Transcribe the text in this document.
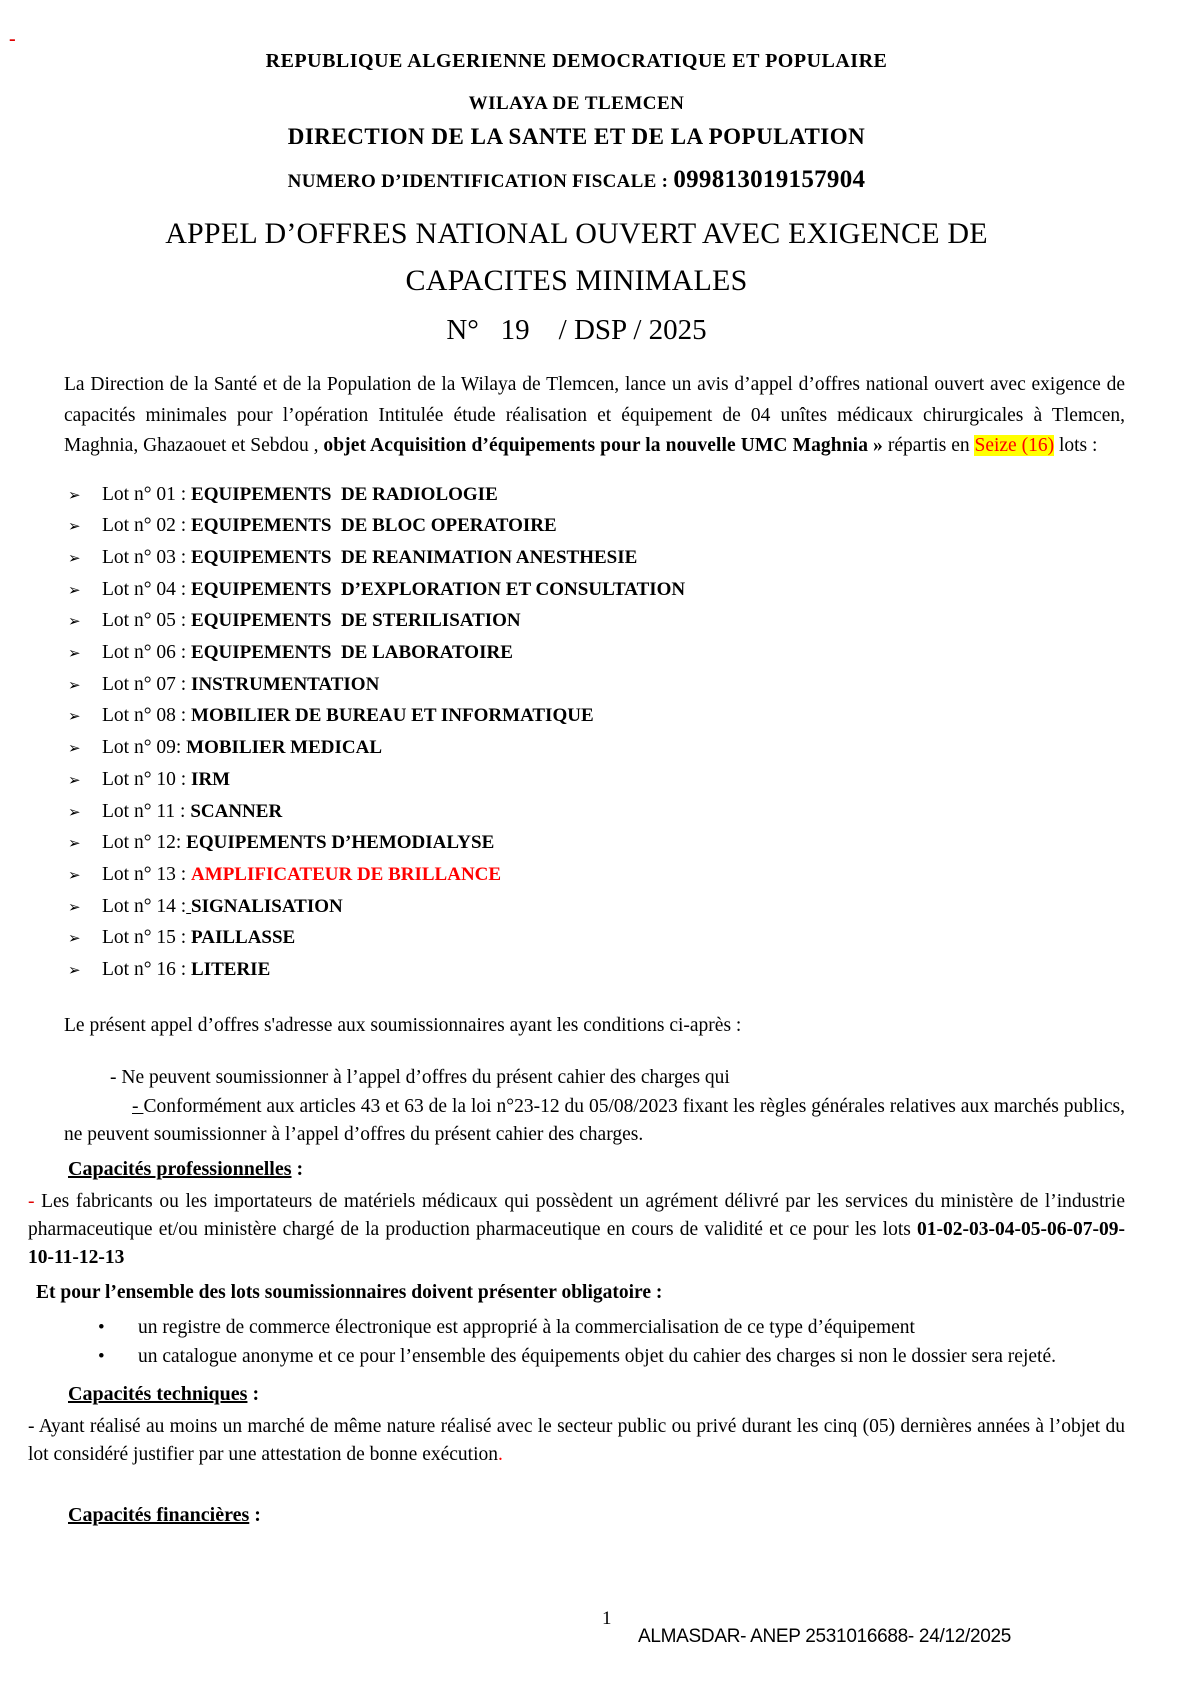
-
REPUBLIQUE ALGERIENNE DEMOCRATIQUE ET POPULAIRE
WILAYA DE TLEMCEN
DIRECTION DE LA SANTE ET DE LA POPULATION
NUMERO D’IDENTIFICATION FISCALE : 099813019157904
APPEL D’OFFRES NATIONAL OUVERT AVEC EXIGENCE DE
CAPACITES MINIMALES
N°   19    / DSP / 2025

La Direction de la Santé et de la Population de la Wilaya de Tlemcen, lance un avis d’appel d’offres national ouvert avec exigence de capacités minimales pour l’opération Intitulée étude réalisation et équipement de 04 unîtes médicaux chirurgicales à Tlemcen, Maghnia, Ghazaouet et Sebdou , objet Acquisition d’équipements pour la nouvelle UMC Maghnia » répartis en Seize (16) lots :

➢ Lot n° 01 : EQUIPEMENTS  DE RADIOLOGIE
➢ Lot n° 02 : EQUIPEMENTS  DE BLOC OPERATOIRE
➢ Lot n° 03 : EQUIPEMENTS  DE REANIMATION ANESTHESIE
➢ Lot n° 04 : EQUIPEMENTS  D’EXPLORATION ET CONSULTATION
➢ Lot n° 05 : EQUIPEMENTS  DE STERILISATION
➢ Lot n° 06 : EQUIPEMENTS  DE LABORATOIRE
➢ Lot n° 07 : INSTRUMENTATION
➢ Lot n° 08 : MOBILIER DE BUREAU ET INFORMATIQUE
➢ Lot n° 09: MOBILIER MEDICAL
➢ Lot n° 10 : IRM
➢ Lot n° 11 : SCANNER
➢ Lot n° 12: EQUIPEMENTS D’HEMODIALYSE
➢ Lot n° 13 : AMPLIFICATEUR DE BRILLANCE
➢ Lot n° 14 : SIGNALISATION
➢ Lot n° 15 : PAILLASSE
➢ Lot n° 16 : LITERIE

Le présent appel d’offres s'adresse aux soumissionnaires ayant les conditions ci-après :

- Ne peuvent soumissionner à l’appel d’offres du présent cahier des charges qui

- Conformément aux articles 43 et 63 de la loi n°23-12 du 05/08/2023 fixant les règles générales relatives aux marchés publics, ne peuvent soumissionner à l’appel d’offres du présent cahier des charges.

Capacités professionnelles :

- Les fabricants ou les importateurs de matériels médicaux qui possèdent un agrément délivré par les services du ministère de l’industrie pharmaceutique et/ou ministère chargé de la production pharmaceutique en cours de validité et ce pour les lots 01-02-03-04-05-06-07-09-10-11-12-13

Et pour l’ensemble des lots soumissionnaires doivent présenter obligatoire :

• un registre de commerce électronique est approprié à la commercialisation de ce type d’équipement
• un catalogue anonyme et ce pour l’ensemble des équipements objet du cahier des charges si non le dossier sera rejeté.
Capacités techniques :

- Ayant réalisé au moins un marché de même nature réalisé avec le secteur public ou privé durant les cinq (05) dernières années à l’objet du lot considéré justifier par une attestation de bonne exécution.

Capacités financières :
1
ALMASDAR- ANEP 2531016688- 24/12/2025
